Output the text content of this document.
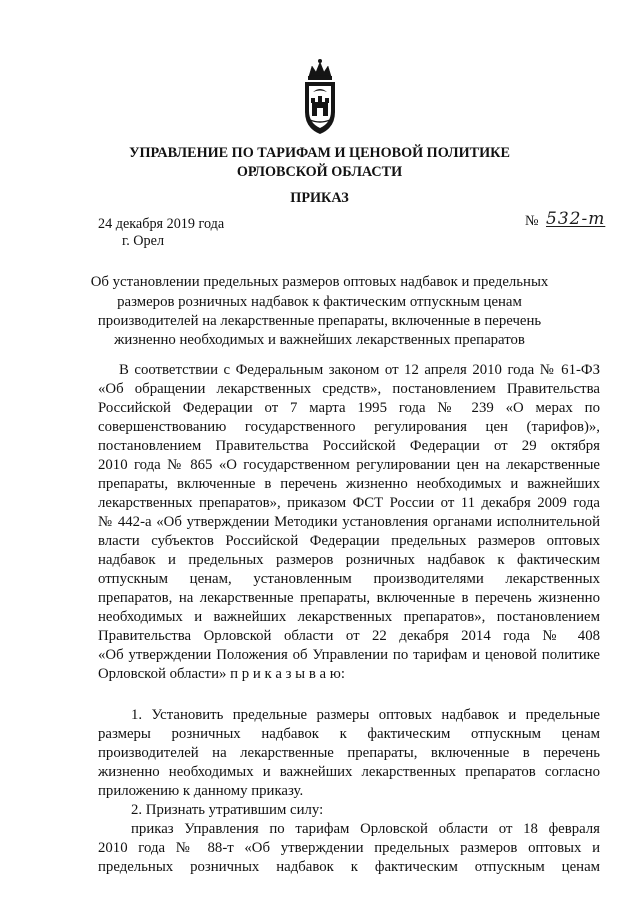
УПРАВЛЕНИЕ ПО ТАРИФАМ И ЦЕНОВОЙ ПОЛИТИКЕ
ОРЛОВСКОЙ ОБЛАСТИ
ПРИКАЗ
24 декабря 2019 года
г. Орел
№ 532-т
Об установлении предельных размеров оптовых надбавок и предельных
размеров розничных надбавок к фактическим отпускным ценам
производителей на лекарственные препараты, включенные в перечень
жизненно необходимых и важнейших лекарственных препаратов
В соответствии с Федеральным законом от 12 апреля 2010 года № 61-ФЗ
«Об обращении лекарственных средств», постановлением Правительства
Российской Федерации от 7 марта 1995 года № 239 «О мерах по
совершенствованию государственного регулирования цен (тарифов)»,
постановлением Правительства Российской Федерации от 29 октября
2010 года № 865 «О государственном регулировании цен на лекарственные
препараты, включенные в перечень жизненно необходимых и важнейших
лекарственных препаратов», приказом ФСТ России от 11 декабря 2009 года
№ 442-а «Об утверждении Методики установления органами исполнительной
власти субъектов Российской Федерации предельных размеров оптовых
надбавок и предельных размеров розничных надбавок к фактическим
отпускным ценам, установленным производителями лекарственных
препаратов, на лекарственные препараты, включенные в перечень жизненно
необходимых и важнейших лекарственных препаратов», постановлением
Правительства Орловской области от 22 декабря 2014 года № 408
«Об утверждении Положения об Управлении по тарифам и ценовой политике
Орловской области» п р и к а з ы в а ю:
1. Установить предельные размеры оптовых надбавок и предельные
размеры розничных надбавок к фактическим отпускным ценам
производителей на лекарственные препараты, включенные в перечень
жизненно необходимых и важнейших лекарственных препаратов согласно
приложению к данному приказу.
2. Признать утратившим силу:
приказ Управления по тарифам Орловской области от 18 февраля
2010 года № 88-т «Об утверждении предельных размеров оптовых и
предельных розничных надбавок к фактическим отпускным ценам
